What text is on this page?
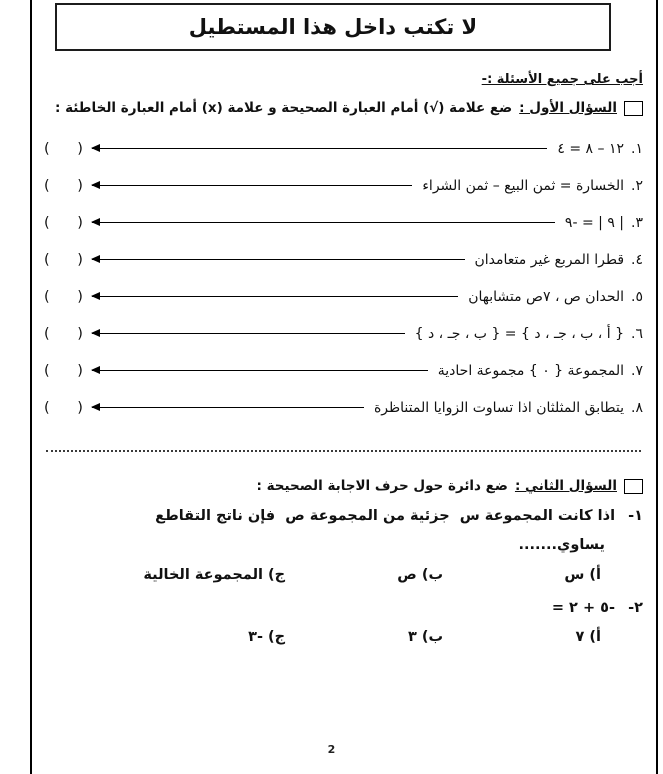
لا تكتب داخل هذا المستطيل
أجب على جميع الأسئلة :-
السؤال الأول :
ضع علامة (√) أمام العبارة الصحيحة و علامة (x) أمام العبارة الخاطئة :
١.
١٢ – ٨ = ٤
(      )
٢.
الخسارة = ثمن البيع – ثمن الشراء
(      )
٣.
| ٩ | = -٩
(      )
٤.
قطرا المربع غير متعامدان
(      )
٥.
الحدان ص ، ٧ص متشابهان
(      )
٦.
{ أ ، ب ، جـ ، د } = { ب ، جـ ، د }
(      )
٧.
المجموعة { ٠ } مجموعة احادية
(      )
٨.
يتطابق المثلثان اذا تساوت الزوايا المتناظرة
(      )
السؤال الثاني :
ضع دائرة حول حرف الاجابة الصحيحة :
١- اذا كانت المجموعة س  جزئية من المجموعة ص  فإن ناتج التقاطع
يساوي.......
أ) س
ب) ص
ج) المجموعة الخالية
٢- -٥ + ٢ =
أ) ٧
ب) ٣
ج) -٣
2
